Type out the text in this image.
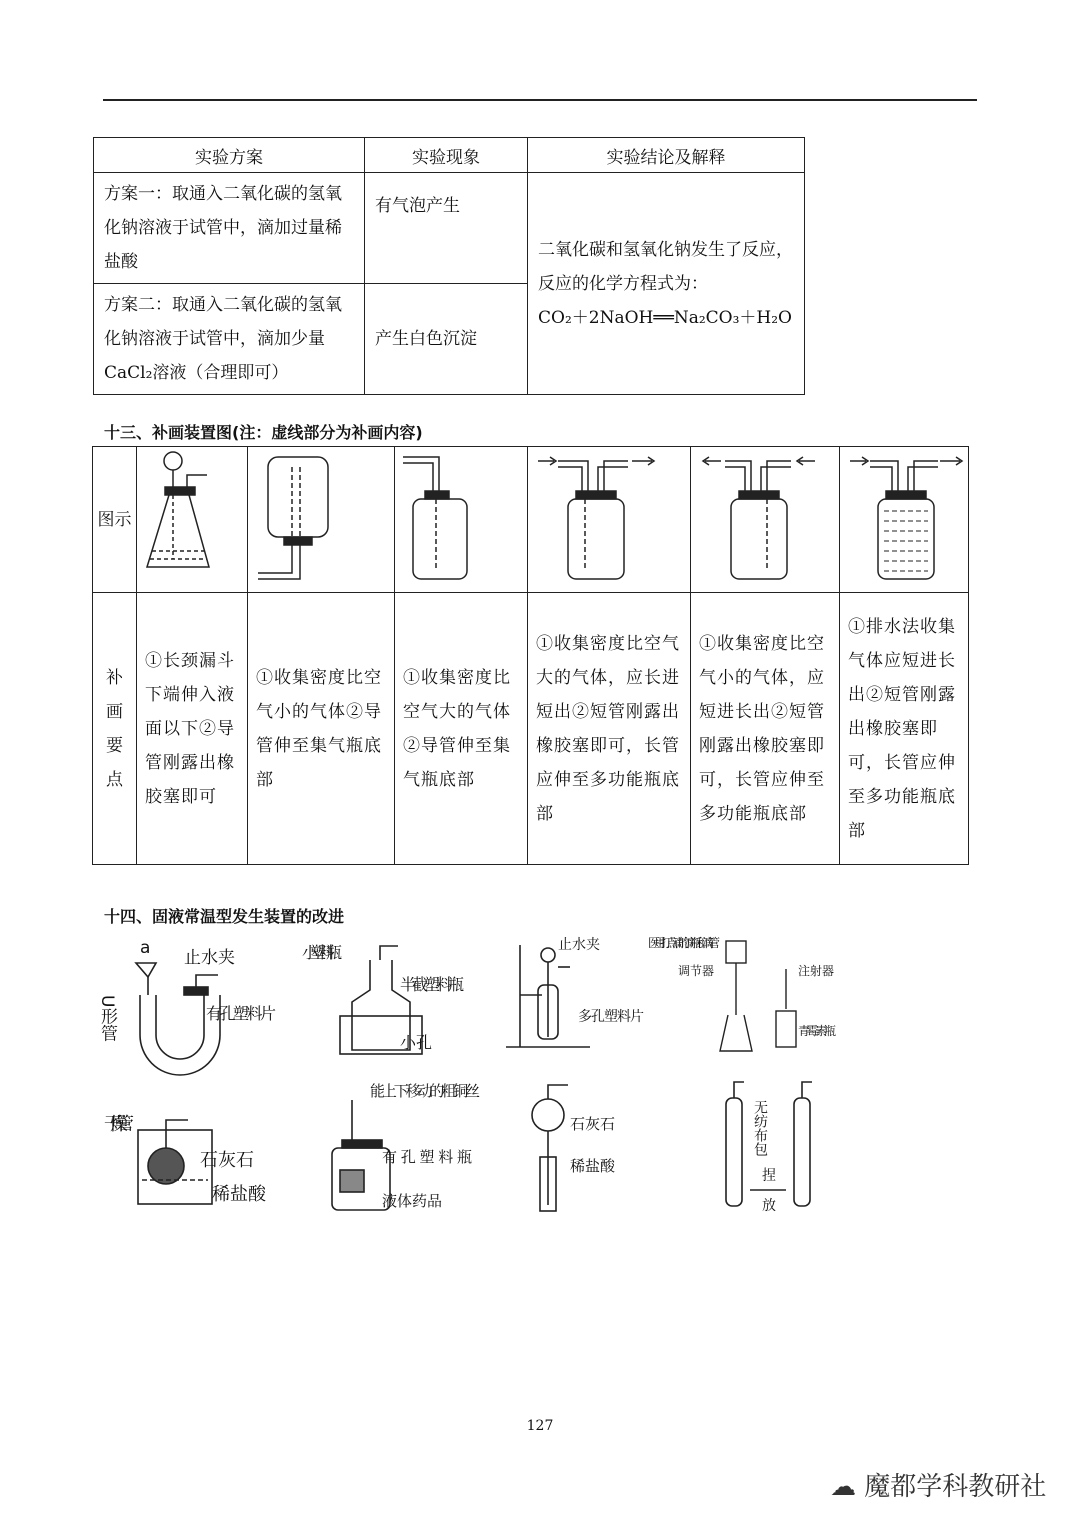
实验方案	实验现象	实验结论及解释
方案一：取通入二氧化碳的氢氧化钠溶液于试管中，滴加过量稀盐酸	有气泡产生	二氧化碳和氢氧化钠发生了反应，反应的化学方程式为：
CO₂＋2NaOH══Na₂CO₃＋H₂O

方案二：取通入二氧化碳的氢氧化钠溶液于试管中，滴加少量CaCl₂溶液（合理即可）	产生白色沉淀	
十三、补画装置图(注：虚线部分为补画内容)
图示						
补画要点	①长颈漏斗下端伸入液面以下②导管刚露出橡胶塞即可	①收集密度比空气小的气体②导管伸至集气瓶底部	①收集密度比空气大的气体②导管伸至集气瓶底部	①收集密度比空气大的气体，应长进短出②短管刚露出橡胶塞即可，长管应伸至多功能瓶底部	①收集密度比空气小的气体，应短进长出②短管刚露出橡胶塞即可，长管应伸至多功能瓶底部	①排水法收集气体应短进长出②短管刚露出橡胶塞即可，长管应伸至多功能瓶底部
十四、固液常温型发生装置的改进
a
U形管
止水夹
有孔塑料片
小塑料瓶
半截塑料瓶
小孔
止水夹
多孔塑料片
医用打点滴的滴瓶和滴管
调节器	注射器
青霉素瓶
干燥管
石灰石
稀盐酸
能上下移动的粗铜丝
有孔塑料瓶
液体药品
石灰石
稀盐酸
无纺布包
捏
放
127
☁ 魔都学科教研社
